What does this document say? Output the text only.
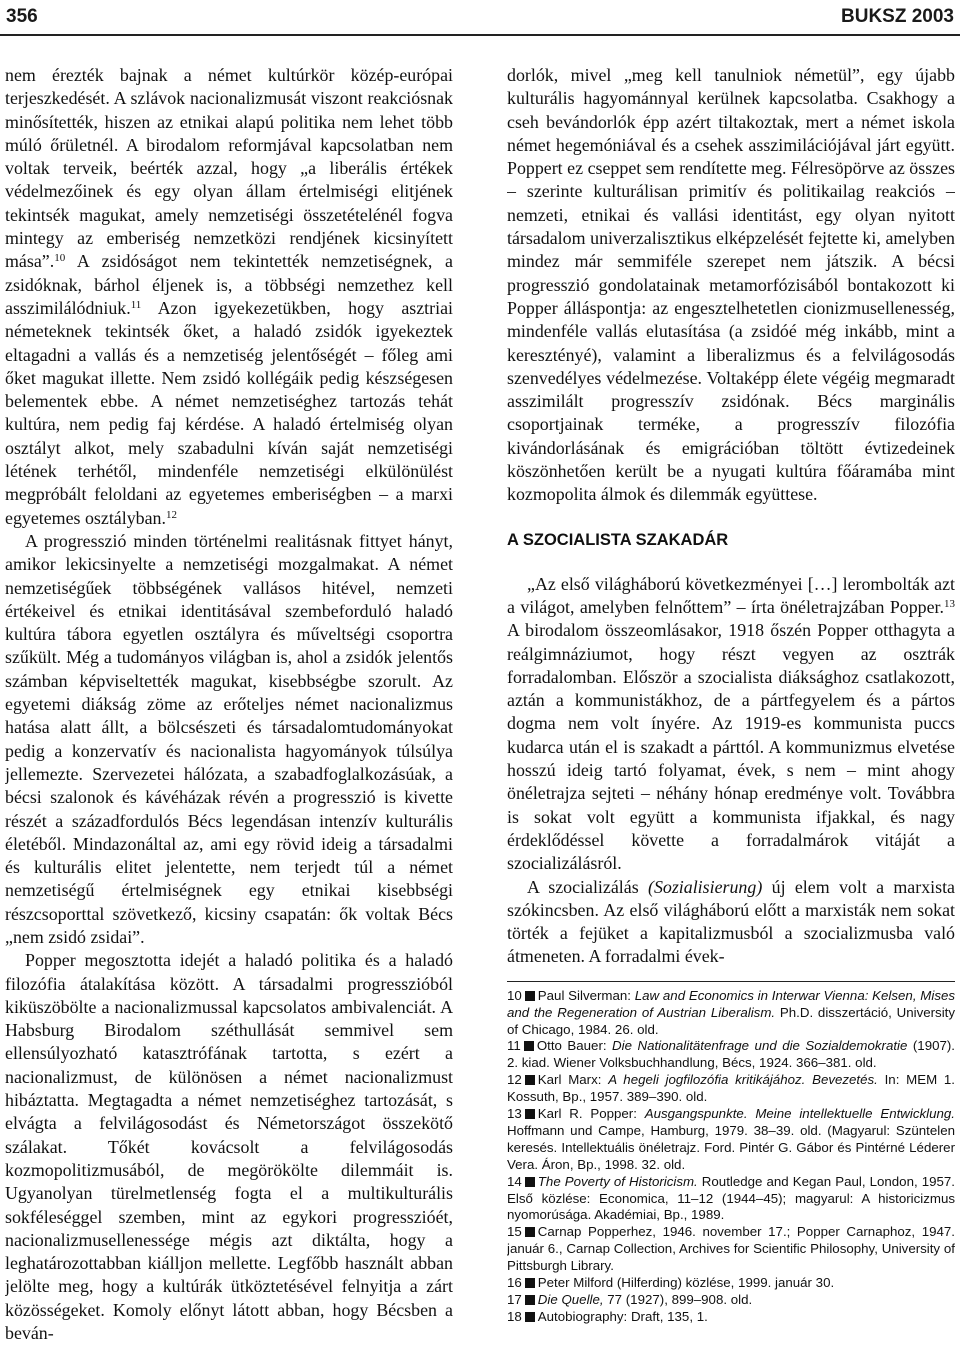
356	BUKSZ 2003

nem érezték bajnak a német kultúrkör közép-európai terjeszkedését. A szlávok nacionalizmusát viszont reakciósnak minősítették, hiszen az etnikai alapú politika nem lehet több múló őrületnél. A birodalom reformjával kapcsolatban nem voltak terveik, beérték azzal, hogy „a liberális értékek védelmezőinek és egy olyan állam értelmiségi elitjének tekintsék magukat, amely nemzetiségi összetételénél fogva mintegy az emberiség nemzetközi rendjének kicsinyített mása”.$^{10}$ A zsidóságot nem tekintették nemzetiségnek, a zsidóknak, bárhol éljenek is, a többségi nemzethez kell asszimilálódniuk.$^{11}$ Azon igyekezetükben, hogy asztriai németeknek tekintsék őket, a haladó zsidók igyekeztek eltagadni a vallás és a nemzetiség jelentőségét – főleg ami őket magukat illette. Nem zsidó kollégáik pedig készségesen belementek ebbe. A német nemzetiséghez tartozás tehát kultúra, nem pedig faj kérdése. A haladó értelmiség olyan osztályt alkot, mely szabadulni kíván saját nemzetiségi létének terhétől, mindenféle nemzetiségi elkülönülést megpróbált feloldani az egyetemes emberiségben – a marxi egyetemes osztályban.$^{12}$

A progresszió minden történelmi realitásnak fittyet hányt, amikor lekicsinyelte a nemzetiségi mozgalmakat. A német nemzetiségűek többségének vallásos hitével, nemzeti értékeivel és etnikai identitásával szembeforduló haladó kultúra tábora egyetlen osztályra és műveltségi csoportra szűkült. Még a tudományos világban is, ahol a zsidók jelentős számban képviseltették magukat, kisebbségbe szorult. Az egyetemi diákság zöme az erőteljes német nacionalizmus hatása alatt állt, a bölcsészeti és társadalomtudományokat pedig a konzervatív és nacionalista hagyományok túlsúlya jellemezte. Szervezetei hálózata, a szabadfoglalkozásúak, a bécsi szalonok és kávéházak révén a progresszió is kivette részét a századfordulós Bécs legendásan intenzív kulturális életéből. Mindazonáltal az, ami egy rövid ideig a társadalmi és kulturális elitet jelentette, nem terjedt túl a német nemzetiségű értelmiségnek egy etnikai kisebbségi részcsoporttal szövetkező, kicsiny csapatán: ők voltak Bécs „nem zsidó zsidai”.

Popper megosztotta idejét a haladó politika és a haladó filozófia átalakítása között. A társadalmi progresszióból kiküszöbölte a nacionalizmussal kapcsolatos ambivalenciát. A Habsburg Birodalom széthullását semmivel sem ellensúlyozható katasztrófának tartotta, s ezért a nacionalizmust, de különösen a német nacionalizmust hibáztatta. Megtagadta a német nemzetiséghez tartozását, s elvágta a felvilágosodást és Németországot összekötő szálakat. Tőkét kovácsolt a felvilágosodás kozmopolitizmusából, de megörökölte dilemmáit is. Ugyanolyan türelmetlenség fogta el a multikulturális sokféleséggel szemben, mint az egykori progresszióét, nacionalizmusellenessége mégis azt diktálta, hogy a leghatározottabban kiálljon mellette. Legfőbb használt abban jelölte meg, hogy a kultúrák ütköztetésével felnyitja a zárt közösségeket. Komoly előnyt látott abban, hogy Bécsben a beván-

dorlók, mivel „meg kell tanulniok németül”, egy újabb kulturális hagyománnyal kerülnek kapcsolatba. Csakhogy a cseh bevándorlók épp azért tiltakoztak, mert a német iskola német hegemóniával és a csehek asszimilációjával járt együtt. Poppert ez cseppet sem rendítette meg. Félresöpörve az összes – szerinte kulturálisan primitív és politikailag reakciós – nemzeti, etnikai és vallási identitást, egy olyan nyitott társadalom univerzalisztikus elképzelését fejtette ki, amelyben mindez már semmiféle szerepet nem játszik. A bécsi progresszió gondolatainak metamorfózisából bontakozott ki Popper álláspontja: az engesztelhetetlen cionizmusellenesség, mindenféle vallás elutasítása (a zsidóé még inkább, mint a keresztényé), valamint a liberalizmus és a felvilágosodás szenvedélyes védelmezése. Voltaképp élete végéig megmaradt asszimilált progresszív zsidónak. Bécs marginális csoportjainak terméke, a progresszív filozófia kivándorlásának és emigrációban töltött évtizedeinek köszönhetően került be a nyugati kultúra főáramába mint kozmopolita álmok és dilemmák együttese.

A SZOCIALISTA SZAKADÁR

„Az első világháború következményei […] lerombolták azt a világot, amelyben felnőttem” – írta önéletrajzában Popper.$^{13}$ A birodalom összeomlásakor, 1918 őszén Popper otthagyta a reálgimnáziumot, hogy részt vegyen az osztrák forradalomban. Először a szocialista diáksághoz csatlakozott, aztán a kommunistákhoz, de a pártfegyelem és a pártos dogma nem volt ínyére. Az 1919-es kommunista puccs kudarca után el is szakadt a párttól. A kommunizmus elvetése hosszú ideig tartó folyamat, évek, s nem – mint ahogy önéletrajza sejteti – néhány hónap eredménye volt. Továbbra is sokat volt együtt a kommunista ifjakkal, és nagy érdeklődéssel követte a forradalmárok vitáját a szocializálásról.

A szocializálás (Sozialisierung) új elem volt a marxista szókincsben. Az első világháború előtt a marxisták nem sokat törték a fejüket a kapitalizmusból a szocializmusba való átmeneten. A forradalmi évek-

10 Paul Silverman: Law and Economics in Interwar Vienna: Kelsen, Mises and the Regeneration of Austrian Liberalism. Ph.D. disszertáció, University of Chicago, 1984. 26. old.

11 Otto Bauer: Die Nationalitätenfrage und die Sozialdemokratie (1907). 2. kiad. Wiener Volksbuchhandlung, Bécs, 1924. 366–381. old.

12 Karl Marx: A hegeli jogfilozófia kritikájához. Bevezetés. In: MEM 1. Kossuth, Bp., 1957. 389–390. old.

13 Karl R. Popper: Ausgangspunkte. Meine intellektuelle Entwicklung. Hoffmann und Campe, Hamburg, 1979. 38–39. old. (Magyarul: Szüntelen keresés. Intellektuális önéletrajz. Ford. Pintér G. Gábor és Pintérné Léderer Vera. Áron, Bp., 1998. 32. old.

14 The Poverty of Historicism. Routledge and Kegan Paul, London, 1957. Első közlése: Economica, 11–12 (1944–45); magyarul: A historicizmus nyomorúsága. Akadémiai, Bp., 1989.

15 Carnap Popperhez, 1946. november 17.; Popper Carnaphoz, 1947. január 6., Carnap Collection, Archives for Scientific Philosophy, University of Pittsburgh Library.

16 Peter Milford (Hilferding) közlése, 1999. január 30.

17 Die Quelle, 77 (1927), 899–908. old.

18 Autobiography: Draft, 135, 1.
